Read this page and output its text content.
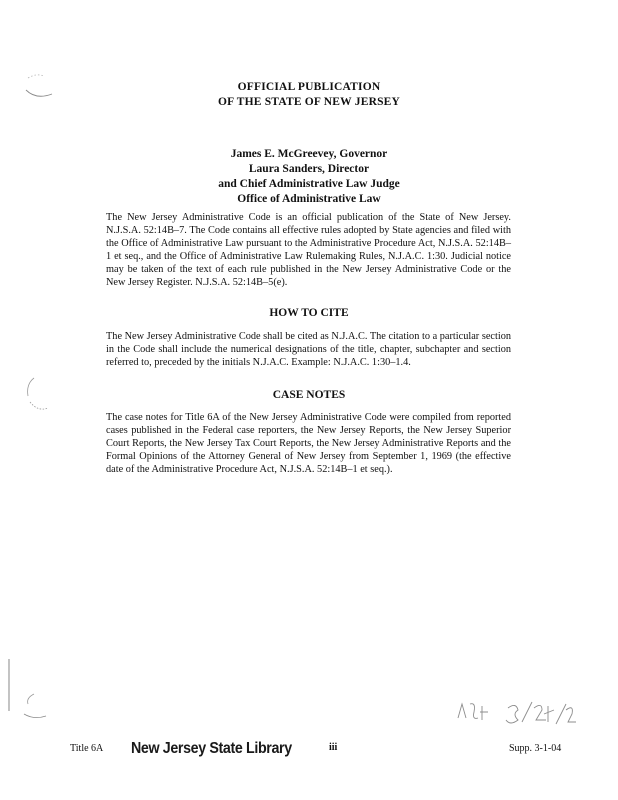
OFFICIAL PUBLICATION
OF THE STATE OF NEW JERSEY
James E. McGreevey, Governor
Laura Sanders, Director
and Chief Administrative Law Judge
Office of Administrative Law

The New Jersey Administrative Code is an official publication of the State of New Jersey. N.J.S.A. 52:14B–7. The Code contains all effective rules adopted by State agencies and filed with the Office of Administrative Law pursuant to the Administrative Procedure Act, N.J.S.A. 52:14B–1 et seq., and the Office of Administrative Law Rulemaking Rules, N.J.A.C. 1:30. Judicial notice may be taken of the text of each rule published in the New Jersey Administrative Code or the New Jersey Register. N.J.S.A. 52:14B–5(e).

HOW TO CITE

The New Jersey Administrative Code shall be cited as N.J.A.C. The citation to a particular section in the Code shall include the numerical designations of the title, chapter, subchapter and section referred to, preceded by the initials N.J.A.C. Example: N.J.A.C. 1:30–1.4.

CASE NOTES

The case notes for Title 6A of the New Jersey Administrative Code were compiled from reported cases published in the Federal case reporters, the New Jersey Reports, the New Jersey Superior Court Reports, the New Jersey Tax Court Reports, the New Jersey Administrative Reports and the Formal Opinions of the Attorney General of New Jersey from September 1, 1969 (the effective date of the Administrative Procedure Act, N.J.S.A. 52:14B–1 et seq.).

Title 6A New Jersey State Library	iii	Supp. 3-1-04
